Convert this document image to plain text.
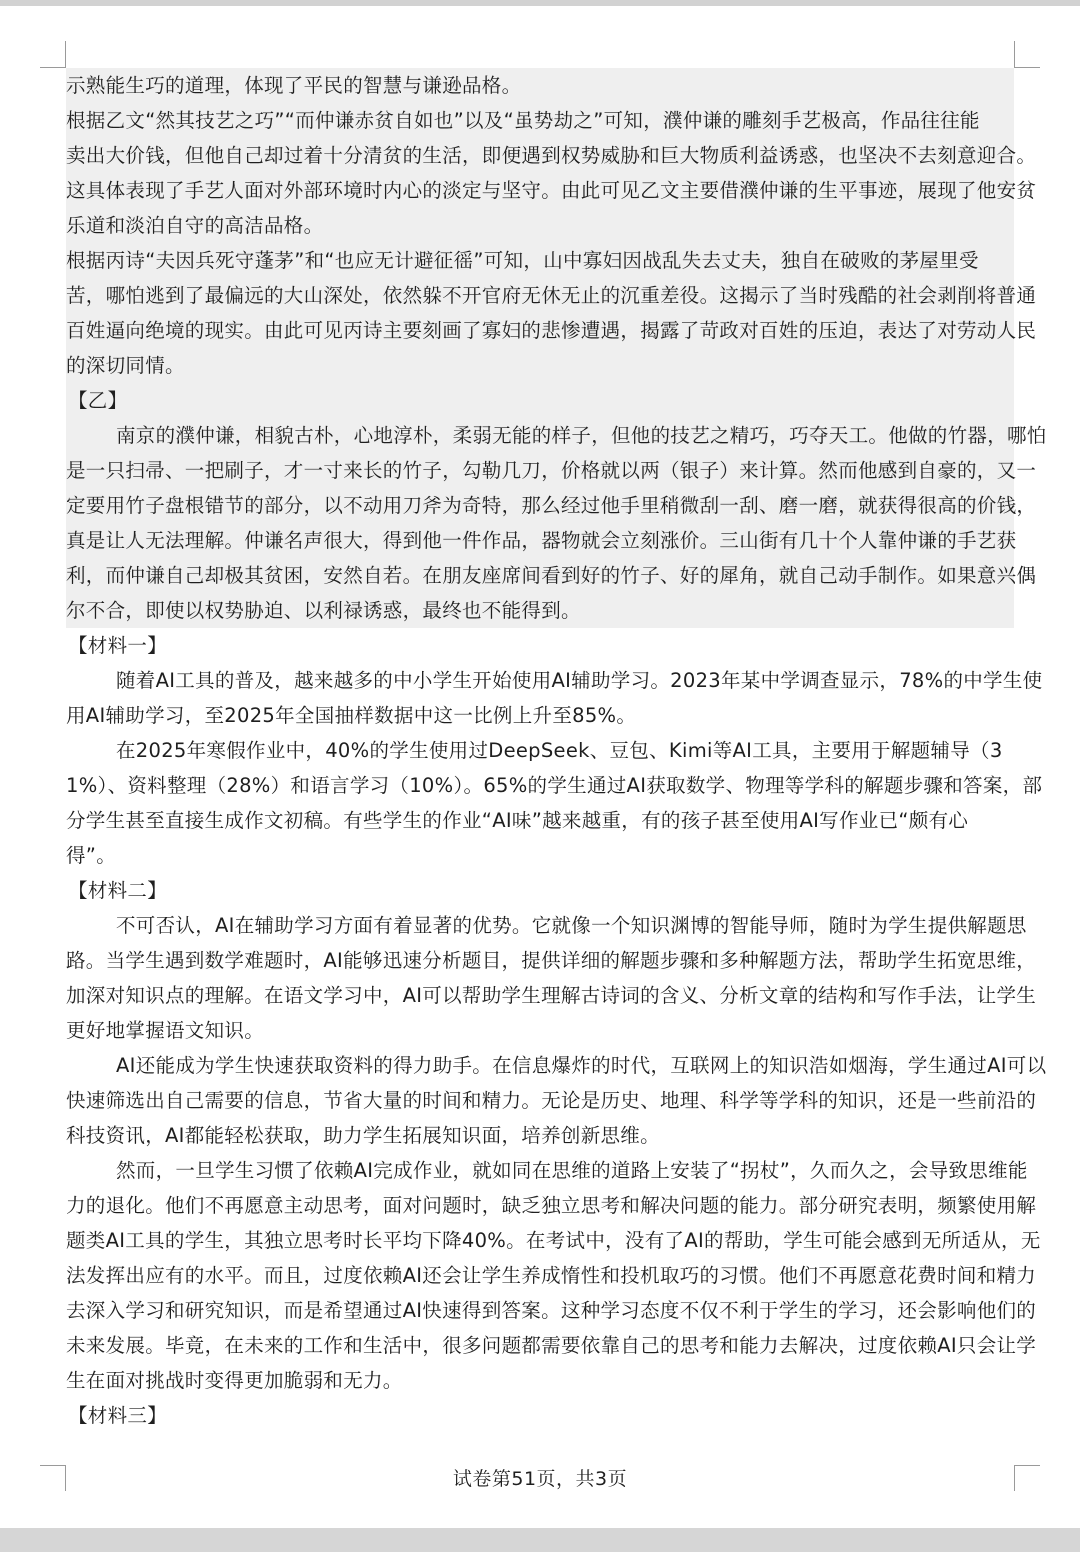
示熟能生巧的道理，体现了平民的智慧与谦逊品格。
根据乙文“然其技艺之巧”“而仲谦赤贫自如也”以及“虽势劫之”可知，濮仲谦的雕刻手艺极高，作品往往能
卖出大价钱，但他自己却过着十分清贫的生活，即便遇到权势威胁和巨大物质利益诱惑，也坚决不去刻意迎合。
这具体表现了手艺人面对外部环境时内心的淡定与坚守。由此可见乙文主要借濮仲谦的生平事迹，展现了他安贫
乐道和淡泊自守的高洁品格。
根据丙诗“夫因兵死守蓬茅”和“也应无计避征徭”可知，山中寡妇因战乱失去丈夫，独自在破败的茅屋里受
苦，哪怕逃到了最偏远的大山深处，依然躲不开官府无休无止的沉重差役。这揭示了当时残酷的社会剥削将普通
百姓逼向绝境的现实。由此可见丙诗主要刻画了寡妇的悲惨遭遇，揭露了苛政对百姓的压迫，表达了对劳动人民
的深切同情。
【乙】
南京的濮仲谦，相貌古朴，心地淳朴，柔弱无能的样子，但他的技艺之精巧，巧夺天工。他做的竹器，哪怕
是一只扫帚、一把刷子，才一寸来长的竹子，勾勒几刀，价格就以两（银子）来计算。然而他感到自豪的，又一
定要用竹子盘根错节的部分，以不动用刀斧为奇特，那么经过他手里稍微刮一刮、磨一磨，就获得很高的价钱，
真是让人无法理解。仲谦名声很大，得到他一件作品，器物就会立刻涨价。三山街有几十个人靠仲谦的手艺获
利，而仲谦自己却极其贫困，安然自若。在朋友座席间看到好的竹子、好的犀角，就自己动手制作。如果意兴偶
尔不合，即使以权势胁迫、以利禄诱惑，最终也不能得到。
【材料一】
随着AI工具的普及，越来越多的中小学生开始使用AI辅助学习。2023年某中学调查显示，78%的中学生使
用AI辅助学习，至2025年全国抽样数据中这一比例上升至85%。
在2025年寒假作业中，40%的学生使用过DeepSeek、豆包、Kimi等AI工具，主要用于解题辅导（3
1%）、资料整理（28%）和语言学习（10%）。65%的学生通过AI获取数学、物理等学科的解题步骤和答案，部
分学生甚至直接生成作文初稿。有些学生的作业“AI味”越来越重，有的孩子甚至使用AI写作业已“颇有心
得”。
【材料二】
不可否认，AI在辅助学习方面有着显著的优势。它就像一个知识渊博的智能导师，随时为学生提供解题思
路。当学生遇到数学难题时，AI能够迅速分析题目，提供详细的解题步骤和多种解题方法，帮助学生拓宽思维，
加深对知识点的理解。在语文学习中，AI可以帮助学生理解古诗词的含义、分析文章的结构和写作手法，让学生
更好地掌握语文知识。
AI还能成为学生快速获取资料的得力助手。在信息爆炸的时代，互联网上的知识浩如烟海，学生通过AI可以
快速筛选出自己需要的信息，节省大量的时间和精力。无论是历史、地理、科学等学科的知识，还是一些前沿的
科技资讯，AI都能轻松获取，助力学生拓展知识面，培养创新思维。
然而，一旦学生习惯了依赖AI完成作业，就如同在思维的道路上安装了“拐杖”，久而久之，会导致思维能
力的退化。他们不再愿意主动思考，面对问题时，缺乏独立思考和解决问题的能力。部分研究表明，频繁使用解
题类AI工具的学生，其独立思考时长平均下降40%。在考试中，没有了AI的帮助，学生可能会感到无所适从，无
法发挥出应有的水平。而且，过度依赖AI还会让学生养成惰性和投机取巧的习惯。他们不再愿意花费时间和精力
去深入学习和研究知识，而是希望通过AI快速得到答案。这种学习态度不仅不利于学生的学习，还会影响他们的
未来发展。毕竟，在未来的工作和生活中，很多问题都需要依靠自己的思考和能力去解决，过度依赖AI只会让学
生在面对挑战时变得更加脆弱和无力。
【材料三】
试卷第51页，共3页
